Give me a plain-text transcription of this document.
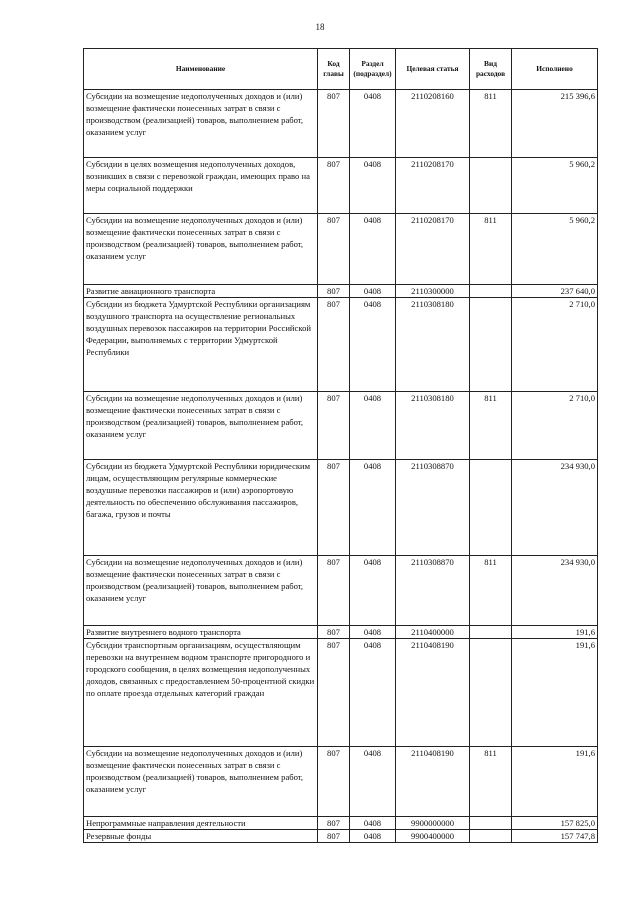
18
Наименование	Код главы	Раздел (подраздел)	Целевая статья	Вид расходов	Исполнено
Субсидии на возмещение недополученных доходов и (или) возмещение фактически понесенных затрат в связи с производством (реализацией) товаров, выполнением работ, оказанием услуг	807	0408	2110208160	811	215 396,6
Субсидии в целях возмещения недополученных доходов, возникших в связи с перевозкой граждан, имеющих право на меры социальной поддержки	807	0408	2110208170		5 960,2
Субсидии на возмещение недополученных доходов и (или) возмещение фактически понесенных затрат в связи с производством (реализацией) товаров, выполнением работ, оказанием услуг	807	0408	2110208170	811	5 960,2
Развитие авиационного транспорта	807	0408	2110300000		237 640,0
Субсидии из бюджета Удмуртской Республики организациям воздушного транспорта на осуществление региональных воздушных перевозок пассажиров на территории Российской Федерации, выполняемых с территории Удмуртской Республики	807	0408	2110308180		2 710,0
Субсидии на возмещение недополученных доходов и (или) возмещение фактически понесенных затрат в связи с производством (реализацией) товаров, выполнением работ, оказанием услуг	807	0408	2110308180	811	2 710,0
Субсидии из бюджета Удмуртской Республики юридическим лицам, осуществляющим регулярные коммерческие воздушные перевозки пассажиров и (или) аэропортовую деятельность по обеспечению обслуживания пассажиров, багажа, грузов и почты	807	0408	2110308870		234 930,0
Субсидии на возмещение недополученных доходов и (или) возмещение фактически понесенных затрат в связи с производством (реализацией) товаров, выполнением работ, оказанием услуг	807	0408	2110308870	811	234 930,0
Развитие внутреннего водного транспорта	807	0408	2110400000		191,6
Субсидии транспортным организациям, осуществляющим перевозки на внутреннем водном транспорте пригородного и городского сообщения, в целях возмещения недополученных доходов, связанных с предоставлением 50-процентной скидки по оплате проезда отдельных категорий граждан	807	0408	2110408190		191,6
Субсидии на возмещение недополученных доходов и (или) возмещение фактически понесенных затрат в связи с производством (реализацией) товаров, выполнением работ, оказанием услуг	807	0408	2110408190	811	191,6
Непрограммные направления деятельности	807	0408	9900000000		157 825,0
Резервные фонды	807	0408	9900400000		157 747,8
